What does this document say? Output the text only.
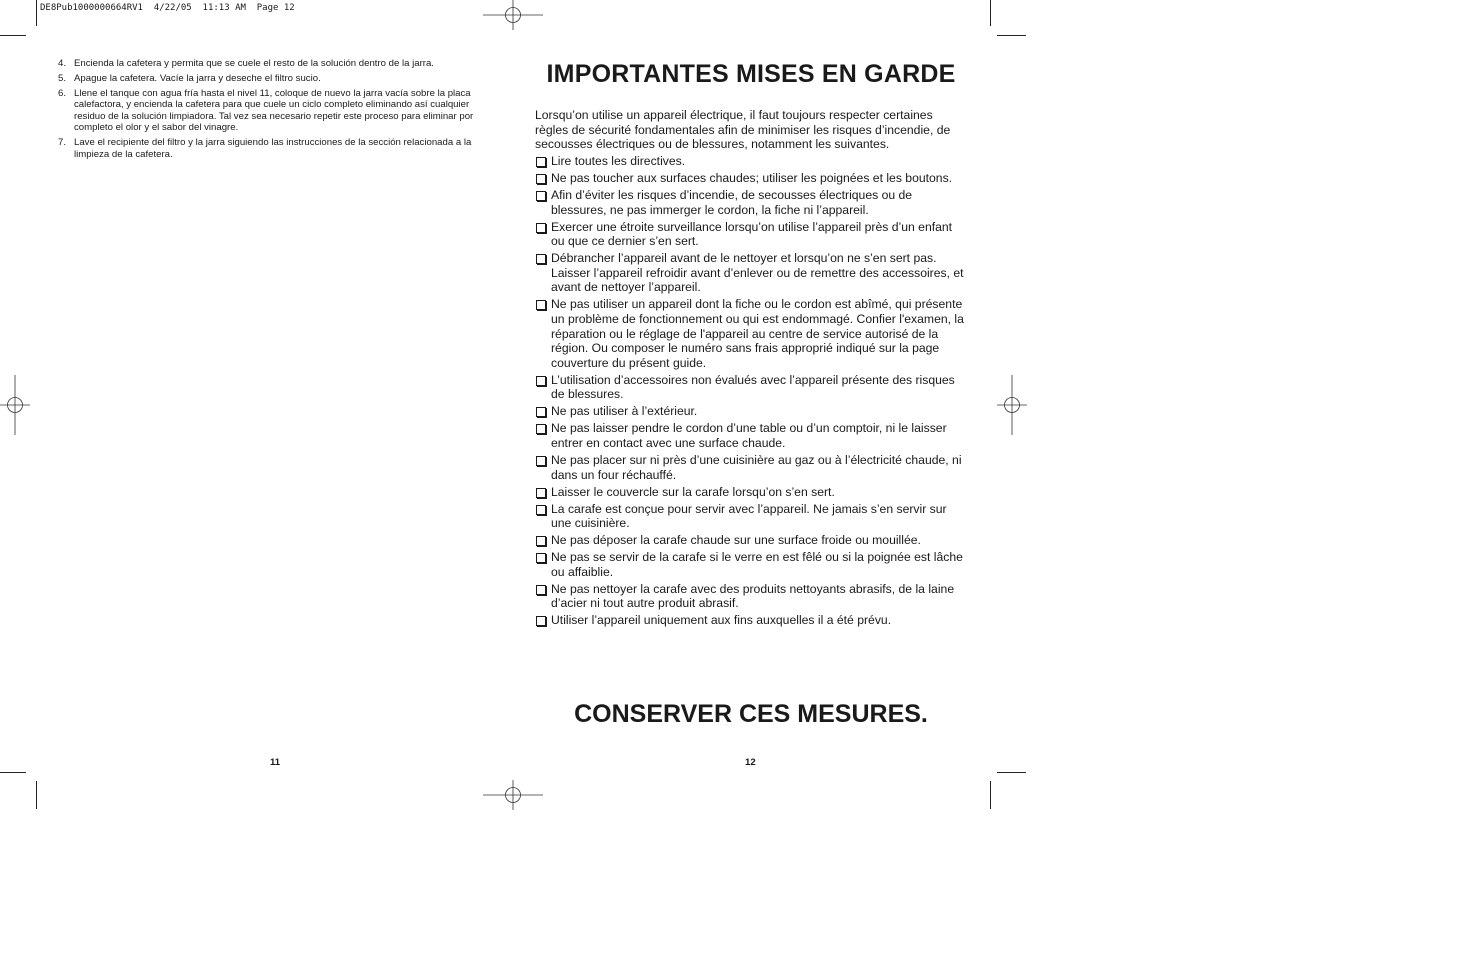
DE8Pub1000000664RV1  4/22/05  11:13 AM  Page 12
4. Encienda la cafetera y permita que se cuele el resto de la solución dentro de la jarra.
5. Apague la cafetera. Vacíe la jarra y deseche el filtro sucio.
6. Llene el tanque con agua fría hasta el nivel 11, coloque de nuevo la jarra vacía sobre la placa calefactora, y encienda la cafetera para que cuele un ciclo completo eliminando así cualquier residuo de la solución limpiadora. Tal vez sea necesario repetir este proceso para eliminar por completo el olor y el sabor del vinagre.
7. Lave el recipiente del filtro y la jarra siguiendo las instrucciones de la sección relacionada a la limpieza de la cafetera.
11
IMPORTANTES MISES EN GARDE

Lorsqu’on utilise un appareil électrique, il faut toujours respecter certaines règles de sécurité fondamentales afin de minimiser les risques d’incendie, de secousses électriques ou de blessures, notamment les suivantes.

Lire toutes les directives.
Ne pas toucher aux surfaces chaudes; utiliser les poignées et les boutons.
Afin d’éviter les risques d’incendie, de secousses électriques ou de blessures, ne pas immerger le cordon, la fiche ni l’appareil.
Exercer une étroite surveillance lorsqu’on utilise l’appareil près d’un enfant ou que ce dernier s’en sert.
Débrancher l’appareil avant de le nettoyer et lorsqu’on ne s’en sert pas. Laisser l’appareil refroidir avant d’enlever ou de remettre des accessoires, et avant de nettoyer l’appareil.
Ne pas utiliser un appareil dont la fiche ou le cordon est abîmé, qui présente un problème de fonctionnement ou qui est endommagé. Confier l'examen, la réparation ou le réglage de l'appareil au centre de service autorisé de la région. Ou composer le numéro sans frais approprié indiqué sur la page couverture du présent guide.
L’utilisation d’accessoires non évalués avec l’appareil présente des risques de blessures.
Ne pas utiliser à l’extérieur.
Ne pas laisser pendre le cordon d’une table ou d’un comptoir, ni le laisser entrer en contact avec une surface chaude.
Ne pas placer sur ni près d’une cuisinière au gaz ou à l’électricité chaude, ni dans un four réchauffé.
Laisser le couvercle sur la carafe lorsqu’on s’en sert.
La carafe est conçue pour servir avec l’appareil. Ne jamais s’en servir sur une cuisinière.
Ne pas déposer la carafe chaude sur une surface froide ou mouillée.
Ne pas se servir de la carafe si le verre en est fêlé ou si la poignée est lâche ou affaiblie.
Ne pas nettoyer la carafe avec des produits nettoyants abrasifs, de la laine d’acier ni tout autre produit abrasif.
Utiliser l’appareil uniquement aux fins auxquelles il a été prévu.
CONSERVER CES MESURES.
12
